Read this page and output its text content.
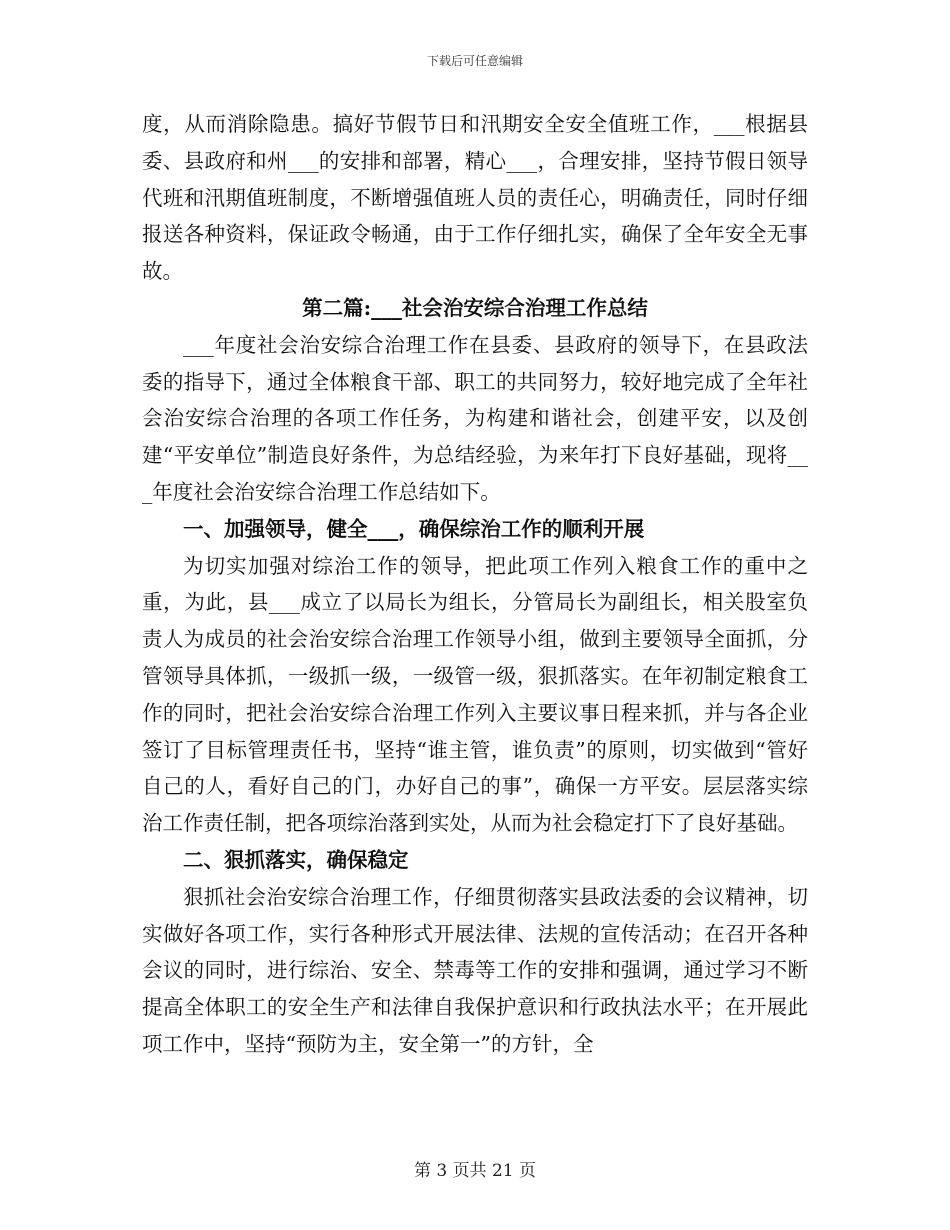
下载后可任意编辑

度，从而消除隐患。搞好节假节日和汛期安全安全值班工作，___根据县委、县政府和州___的安排和部署，精心___，合理安排，坚持节假日领导代班和汛期值班制度，不断增强值班人员的责任心，明确责任，同时仔细报送各种资料，保证政令畅通，由于工作仔细扎实，确保了全年安全无事故。

第二篇:___社会治安综合治理工作总结

___年度社会治安综合治理工作在县委、县政府的领导下，在县政法委的指导下，通过全体粮食干部、职工的共同努力，较好地完成了全年社会治安综合治理的各项工作任务，为构建和谐社会，创建平安，以及创建“平安单位”制造良好条件，为总结经验，为来年打下良好基础，现将___年度社会治安综合治理工作总结如下。

一、加强领导，健全___，确保综治工作的顺利开展

为切实加强对综治工作的领导，把此项工作列入粮食工作的重中之重，为此，县___成立了以局长为组长，分管局长为副组长，相关股室负责人为成员的社会治安综合治理工作领导小组，做到主要领导全面抓，分管领导具体抓，一级抓一级，一级管一级，狠抓落实。在年初制定粮食工作的同时，把社会治安综合治理工作列入主要议事日程来抓，并与各企业签订了目标管理责任书，坚持“谁主管，谁负责”的原则，切实做到“管好自己的人，看好自己的门，办好自己的事”，确保一方平安。层层落实综治工作责任制，把各项综治落到实处，从而为社会稳定打下了良好基础。

二、狠抓落实，确保稳定

狠抓社会治安综合治理工作，仔细贯彻落实县政法委的会议精神，切实做好各项工作，实行各种形式开展法律、法规的宣传活动；在召开各种会议的同时，进行综治、安全、禁毒等工作的安排和强调，通过学习不断提高全体职工的安全生产和法律自我保护意识和行政执法水平；在开展此项工作中，坚持“预防为主，安全第一”的方针，全

第 3 页共 21 页
